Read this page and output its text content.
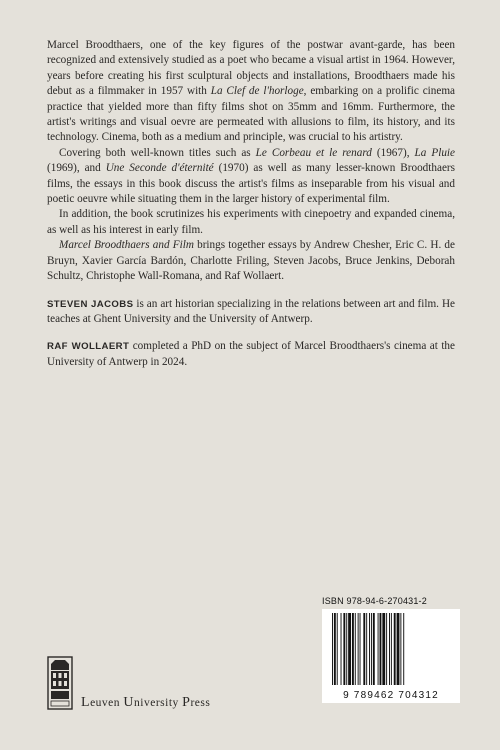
Marcel Broodthaers, one of the key figures of the postwar avant-garde, has been recognized and extensively studied as a poet who became a visual artist in 1964. However, years before creating his first sculptural objects and installations, Broodthaers made his debut as a filmmaker in 1957 with La Clef de l'horloge, embarking on a prolific cinema practice that yielded more than fifty films shot on 35mm and 16mm. Furthermore, the artist's writings and visual oevre are permeated with allusions to film, its history, and its technology. Cinema, both as a medium and principle, was crucial to his artistry.

Covering both well-known titles such as Le Corbeau et le renard (1967), La Pluie (1969), and Une Seconde d'éternité (1970) as well as many lesser-known Broodthaers films, the essays in this book discuss the artist's films as inseparable from his visual and poetic oeuvre while situating them in the larger history of experimental film.

In addition, the book scrutinizes his experiments with cinepoetry and expanded cinema, as well as his interest in early film.

Marcel Broodthaers and Film brings together essays by Andrew Chesher, Eric C. H. de Bruyn, Xavier García Bardón, Charlotte Friling, Steven Jacobs, Bruce Jenkins, Deborah Schultz, Christophe Wall-Romana, and Raf Wollaert.

STEVEN JACOBS is an art historian specializing in the relations between art and film. He teaches at Ghent University and the University of Antwerp.

RAF WOLLAERT completed a PhD on the subject of Marcel Broodthaers's cinema at the University of Antwerp in 2024.

ISBN 978-94-6-270431-2
9 789462 704312
Leuven University Press
